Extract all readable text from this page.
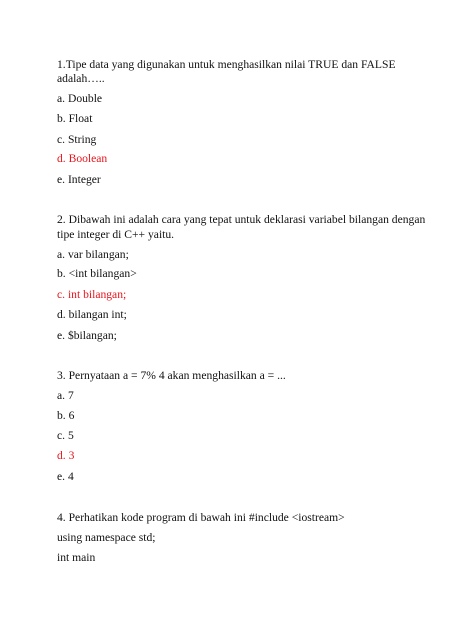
1.Tipe data yang digunakan untuk menghasilkan nilai TRUE dan FALSE
adalah…..
a. Double
b. Float
c. String
d. Boolean
e. Integer
2. Dibawah ini adalah cara yang tepat untuk deklarasi variabel bilangan dengan
tipe integer di C++ yaitu.
a. var bilangan;
b. <int bilangan>
c. int bilangan;
d. bilangan int;
e. $bilangan;
3. Pernyataan a = 7% 4 akan menghasilkan a = ...
a. 7
b. 6
c. 5
d. 3
e. 4
4. Perhatikan kode program di bawah ini #include <iostream>
using namespace std;
int main
